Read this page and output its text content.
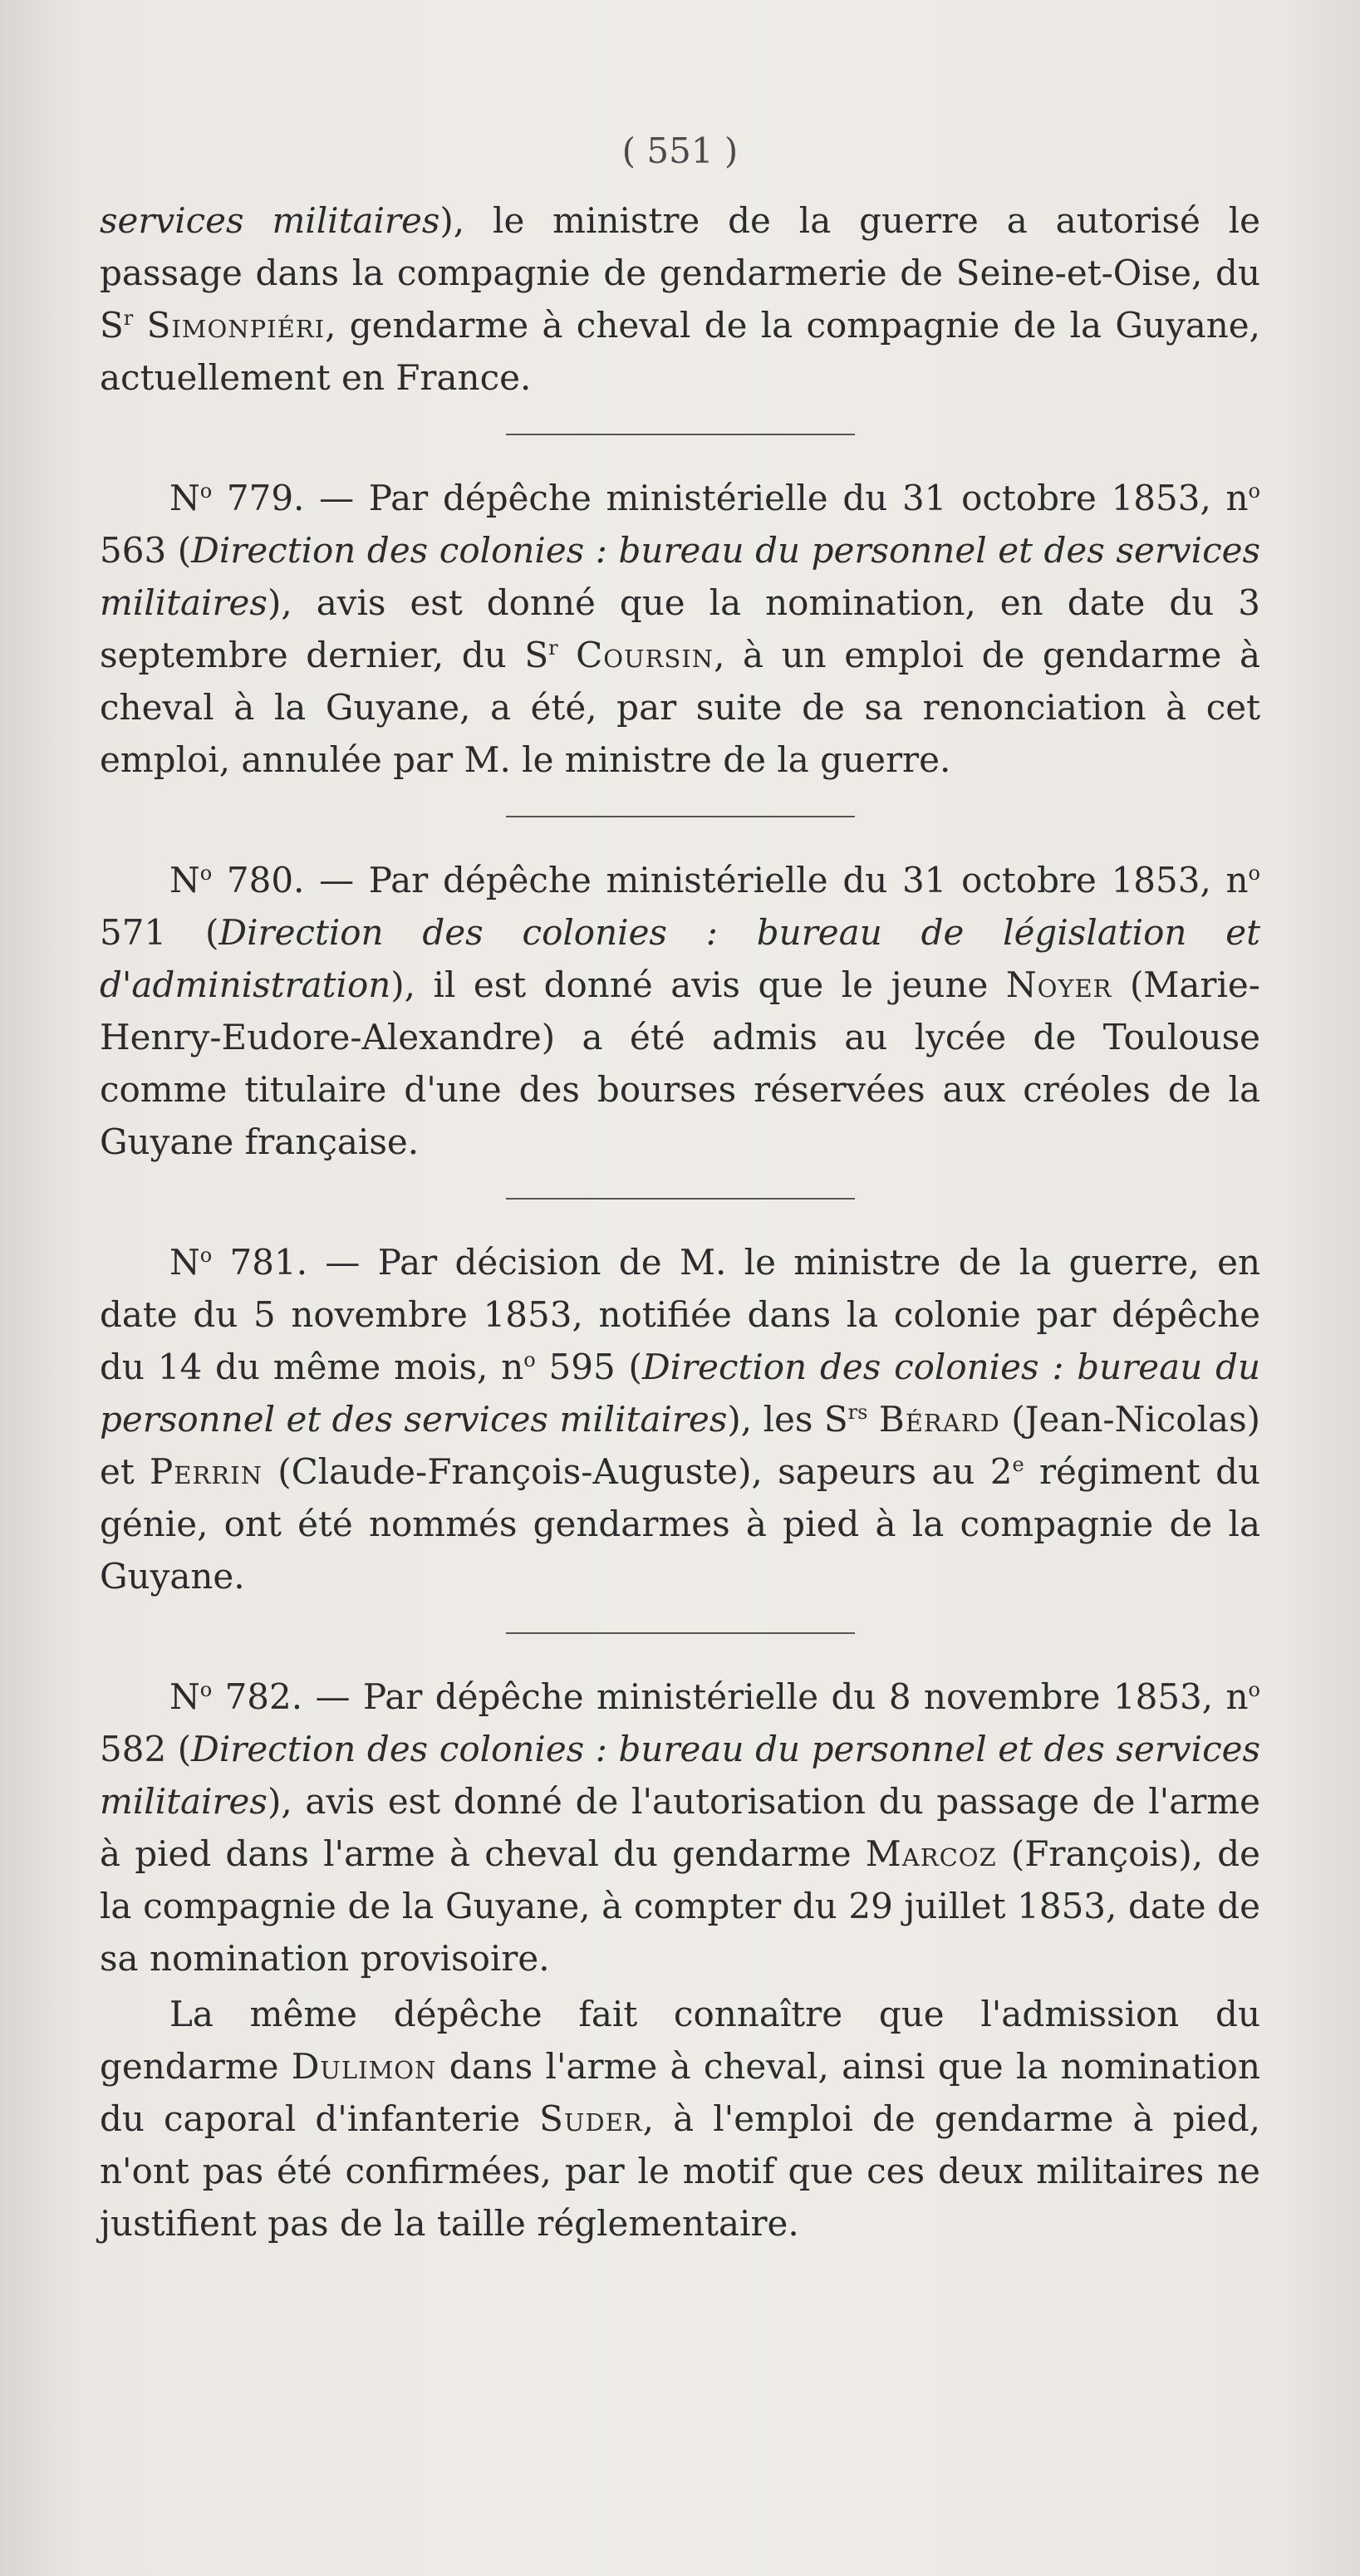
( 551 )

services militaires), le ministre de la guerre a autorisé le passage dans la compagnie de gendarmerie de Seine-et-Oise, du $S^r$ Simonpiéri, gendarme à cheval de la compagnie de la Guyane, actuellement en France.

$N^o$ 779. — Par dépêche ministérielle du 31 octobre 1853, $n^o$ 563 (Direction des colonies : bureau du personnel et des services militaires), avis est donné que la nomination, en date du 3 septembre dernier, du $S^r$ Coursin, à un emploi de gendarme à cheval à la Guyane, a été, par suite de sa renonciation à cet emploi, annulée par M. le ministre de la guerre.

$N^o$ 780. — Par dépêche ministérielle du 31 octobre 1853, $n^o$ 571 (Direction des colonies : bureau de législation et d'administration), il est donné avis que le jeune Noyer (Marie-Henry-Eudore-Alexandre) a été admis au lycée de Toulouse comme titulaire d'une des bourses réservées aux créoles de la Guyane française.

$N^o$ 781. — Par décision de M. le ministre de la guerre, en date du 5 novembre 1853, notifiée dans la colonie par dépêche du 14 du même mois, $n^o$ 595 (Direction des colonies : bureau du personnel et des services militaires), les $S^{rs}$ Bérard (Jean-Nicolas) et Perrin (Claude-François-Auguste), sapeurs au 2e régiment du génie, ont été nommés gendarmes à pied à la compagnie de la Guyane.

$N^o$ 782. — Par dépêche ministérielle du 8 novembre 1853, $n^o$ 582 (Direction des colonies : bureau du personnel et des services militaires), avis est donné de l'autorisation du passage de l'arme à pied dans l'arme à cheval du gendarme Marcoz (François), de la compagnie de la Guyane, à compter du 29 juillet 1853, date de sa nomination provisoire.

La même dépêche fait connaître que l'admission du gendarme Dulimon dans l'arme à cheval, ainsi que la nomination du caporal d'infanterie Suder, à l'emploi de gendarme à pied, n'ont pas été confirmées, par le motif que ces deux militaires ne justifient pas de la taille réglementaire.
